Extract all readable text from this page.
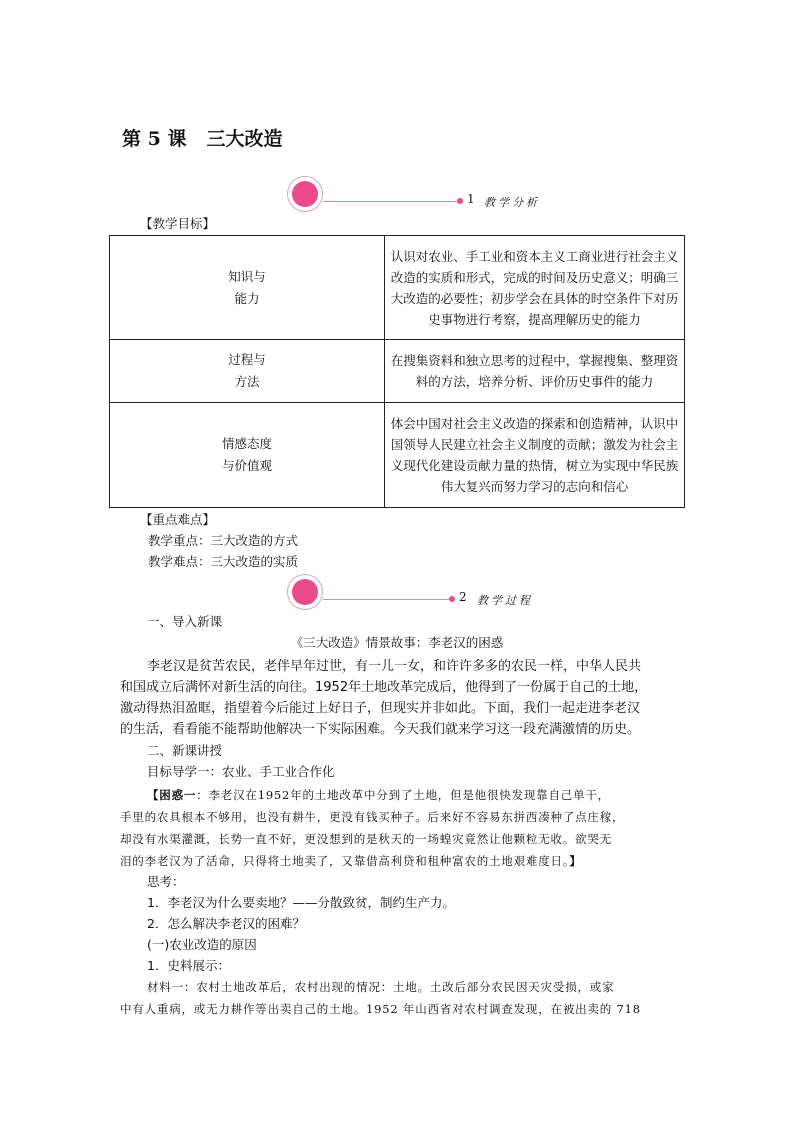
第 5 课 三大改造
1 教学分析
【教学目标】
知识与
能力	认识对农业、手工业和资本主义工商业进行社会主义改造的实质和形式，完成的时间及历史意义；明确三大改造的必要性；初步学会在具体的时空条件下对历史事物进行考察，提高理解历史的能力

过程与
方法	在搜集资料和独立思考的过程中，掌握搜集、整理资料的方法，培养分析、评价历史事件的能力

情感态度
与价值观	体会中国对社会主义改造的探索和创造精神，认识中国领导人民建立社会主义制度的贡献；激发为社会主义现代化建设贡献力量的热情，树立为实现中华民族伟大复兴而努力学习的志向和信心
【重点难点】
教学重点：三大改造的方式
教学难点：三大改造的实质
2 教学过程
一、导入新课
《三大改造》情景故事：李老汉的困惑
李老汉是贫苦农民，老伴早年过世，有一儿一女，和许许多多的农民一样，中华人民共
和国成立后满怀对新生活的向往。1952年土地改革完成后，他得到了一份属于自己的土地，
激动得热泪盈眶，指望着今后能过上好日子，但现实并非如此。下面，我们一起走进李老汉
的生活，看看能不能帮助他解决一下实际困难。今天我们就来学习这一段充满激情的历史。
二、新课讲授
目标导学一：农业、手工业合作化
【困惑一：李老汉在1952年的土地改革中分到了土地，但是他很快发现靠自己单干，
手里的农具根本不够用，也没有耕牛，更没有钱买种子。后来好不容易东拼西凑种了点庄稼，
却没有水渠灌溉，长势一直不好，更没想到的是秋天的一场蝗灾竟然让他颗粒无收。欲哭无
泪的李老汉为了活命，只得将土地卖了，又靠借高利贷和租种富农的土地艰难度日。】
思考：
1．李老汉为什么要卖地？——分散致贫，制约生产力。
2．怎么解决李老汉的困难？
(一)农业改造的原因
1．史料展示：
材料一：农村土地改革后，农村出现的情况：土地。土改后部分农民因天灾受损，或家
中有人重病，或无力耕作等出卖自己的土地。1952 年山西省对农村调查发现，在被出卖的 718
